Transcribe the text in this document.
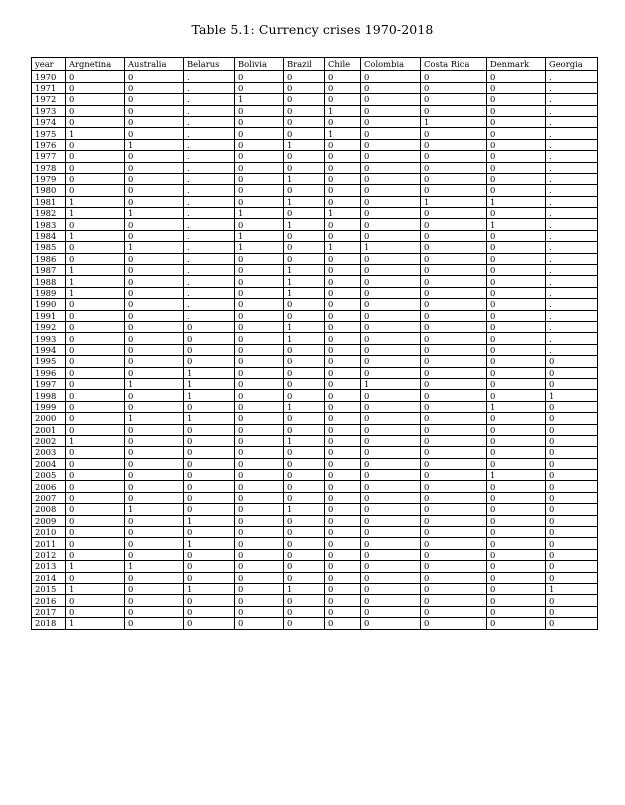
Table 5.1: Currency crises 1970-2018
year	Argnetina	Australia	Belarus	Bolivia	Brazil	Chile	Colombia	Costa Rica	Denmark	Georgia
1970	0	0	.	0	0	0	0	0	0	.
1971	0	0	.	0	0	0	0	0	0	.
1972	0	0	.	1	0	0	0	0	0	.
1973	0	0	.	0	0	1	0	0	0	.
1974	0	0	.	0	0	0	0	1	0	.
1975	1	0	.	0	0	1	0	0	0	.
1976	0	1	.	0	1	0	0	0	0	.
1977	0	0	.	0	0	0	0	0	0	.
1978	0	0	.	0	0	0	0	0	0	.
1979	0	0	.	0	1	0	0	0	0	.
1980	0	0	.	0	0	0	0	0	0	.
1981	1	0	.	0	1	0	0	1	1	.
1982	1	1	.	1	0	1	0	0	0	.
1983	0	0	.	0	1	0	0	0	1	.
1984	1	0	.	1	0	0	0	0	0	.
1985	0	1	.	1	0	1	1	0	0	.
1986	0	0	.	0	0	0	0	0	0	.
1987	1	0	.	0	1	0	0	0	0	.
1988	1	0	.	0	1	0	0	0	0	.
1989	1	0	.	0	1	0	0	0	0	.
1990	0	0	.	0	0	0	0	0	0	.
1991	0	0	.	0	0	0	0	0	0	.
1992	0	0	0	0	1	0	0	0	0	.
1993	0	0	0	0	1	0	0	0	0	.
1994	0	0	0	0	0	0	0	0	0	.
1995	0	0	0	0	0	0	0	0	0	0
1996	0	0	1	0	0	0	0	0	0	0
1997	0	1	1	0	0	0	1	0	0	0
1998	0	0	1	0	0	0	0	0	0	1
1999	0	0	0	0	1	0	0	0	1	0
2000	0	1	1	0	0	0	0	0	0	0
2001	0	0	0	0	0	0	0	0	0	0
2002	1	0	0	0	1	0	0	0	0	0
2003	0	0	0	0	0	0	0	0	0	0
2004	0	0	0	0	0	0	0	0	0	0
2005	0	0	0	0	0	0	0	0	1	0
2006	0	0	0	0	0	0	0	0	0	0
2007	0	0	0	0	0	0	0	0	0	0
2008	0	1	0	0	1	0	0	0	0	0
2009	0	0	1	0	0	0	0	0	0	0
2010	0	0	0	0	0	0	0	0	0	0
2011	0	0	1	0	0	0	0	0	0	0
2012	0	0	0	0	0	0	0	0	0	0
2013	1	1	0	0	0	0	0	0	0	0
2014	0	0	0	0	0	0	0	0	0	0
2015	1	0	1	0	1	0	0	0	0	1
2016	0	0	0	0	0	0	0	0	0	0
2017	0	0	0	0	0	0	0	0	0	0
2018	1	0	0	0	0	0	0	0	0	0
